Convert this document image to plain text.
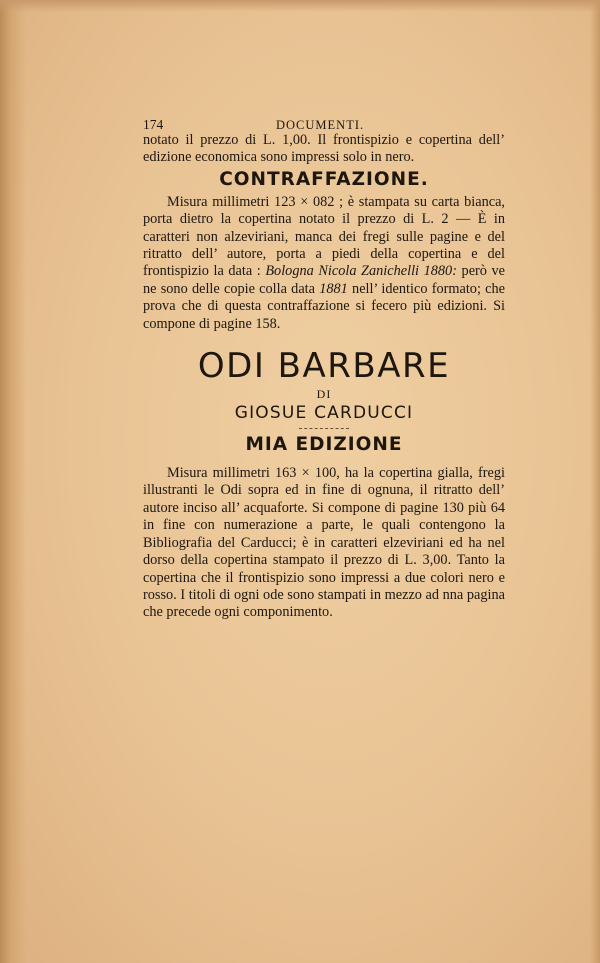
174	DOCUMENTI.

notato il prezzo di L. 1,00. Il frontispizio e copertina dell’ edizione economica sono impressi solo in nero.

CONTRAFFAZIONE.

Misura millimetri 123 × 082 ; è stampata su carta bianca, porta dietro la copertina notato il prezzo di L. 2 — È in caratteri non alzeviriani, manca dei fregi sulle pagine e del ritratto dell’ autore, porta a piedi della copertina e del frontispizio la data : Bologna Nicola Zanichelli 1880: però ve ne sono delle copie colla data 1881 nell’ identico formato; che prova che di questa contraffazione si fecero più edizioni. Si compone di pagine 158.

ODI BARBARE
DI
GIOSUE CARDUCCI
MIA EDIZIONE

Misura millimetri 163 × 100, ha la copertina gialla, fregi illustranti le Odi sopra ed in fine di ognuna, il ritratto dell’ autore inciso all’ acquaforte. Si compone di pagine 130 più 64 in fine con numerazione a parte, le quali contengono la Bibliografia del Carducci; è in caratteri elzeviriani ed ha nel dorso della copertina stampato il prezzo di L. 3,00. Tanto la copertina che il frontispizio sono impressi a due colori nero e rosso. I titoli di ogni ode sono stampati in mezzo ad nna pagina che precede ogni componimento.
